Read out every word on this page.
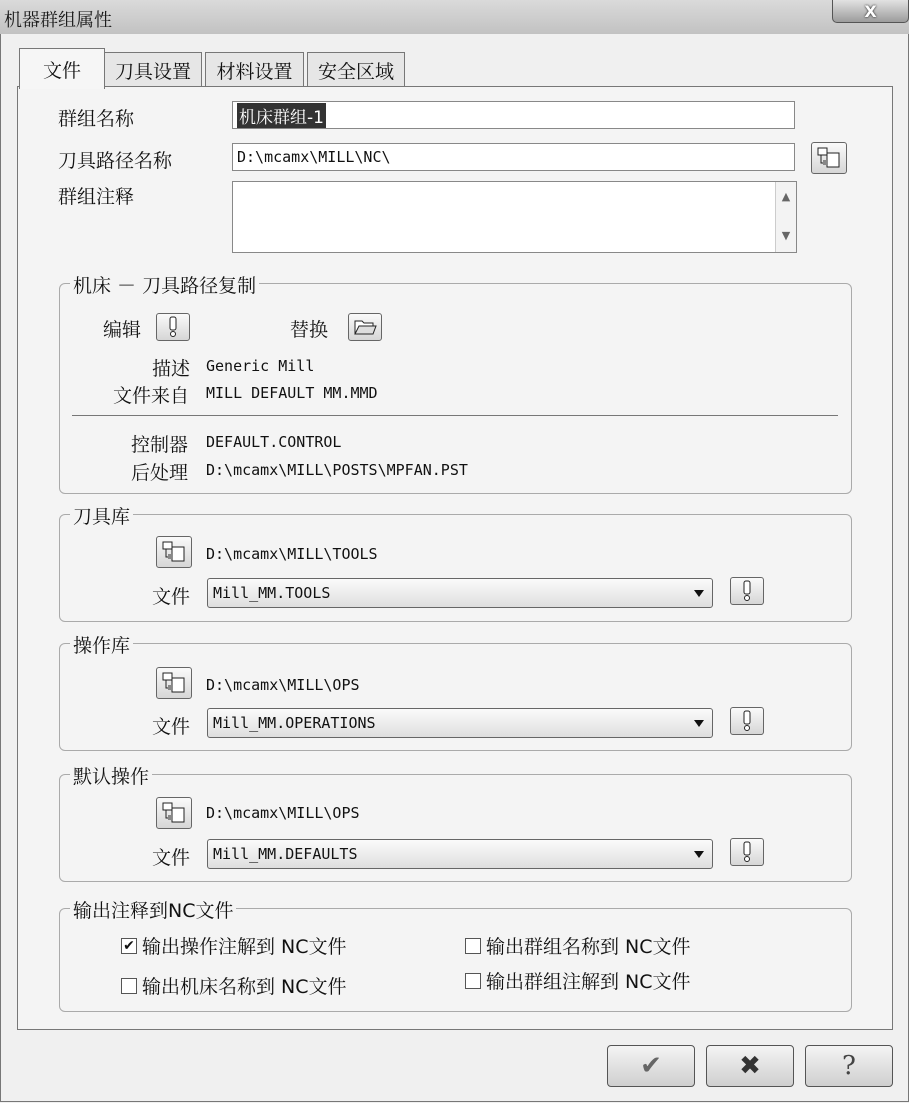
机器群组属性	X
文件 刀具设置 材料设置 安全区域
群组名称	机床群组-1
刀具路径名称	D:\mcamx\MILL\NC\
群组注释	▲
▼
机床 － 刀具路径复制
编辑	替换
描述 Generic Mill
文件来自 MILL DEFAULT MM.MMD
控制器 DEFAULT.CONTROL
后处理 D:\mcamx\MILL\POSTS\MPFAN.PST
刀具库
D:\mcamx\MILL\TOOLS
文件 Mill_MM.TOOLS
操作库
D:\mcamx\MILL\OPS
文件 Mill_MM.OPERATIONS
默认操作
D:\mcamx\MILL\OPS
文件 Mill_MM.DEFAULTS
输出注释到NC文件
✔ 输出操作注解到 NC文件	输出群组名称到 NC文件
输出机床名称到 NC文件	输出群组注解到 NC文件
✔	✖	?
